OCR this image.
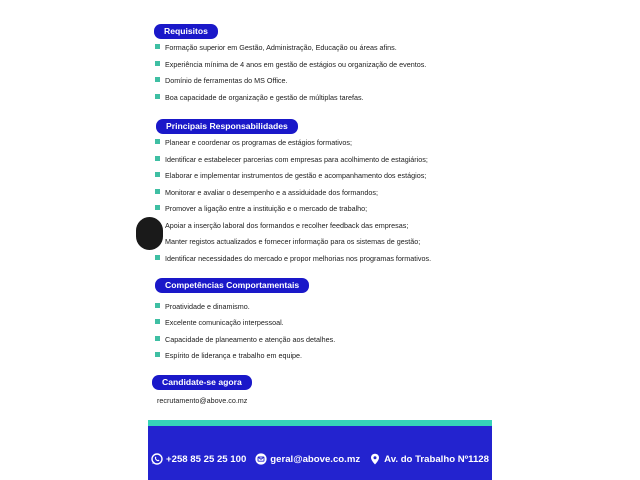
Requisitos
Formação superior em Gestão, Administração, Educação ou áreas afins.
Experiência mínima de 4 anos em gestão de estágios ou organização de eventos.
Domínio de ferramentas do MS Office.
Boa capacidade de organização e gestão de múltiplas tarefas.
Principais Responsabilidades
Planear e coordenar os programas de estágios formativos;
Identificar e estabelecer parcerias com empresas para acolhimento de estagiários;
Elaborar e implementar instrumentos de gestão e acompanhamento dos estágios;
Monitorar e avaliar o desempenho e a assiduidade dos formandos;
Promover a ligação entre a instituição e o mercado de trabalho;
Apoiar a inserção laboral dos formandos e recolher feedback das empresas;
Manter registos actualizados e fornecer informação para os sistemas de gestão;
Identificar necessidades do mercado e propor melhorias nos programas formativos.
Competências Comportamentais
Proatividade e dinamismo.
Excelente comunicação interpessoal.
Capacidade de planeamento e atenção aos detalhes.
Espírito de liderança e trabalho em equipe.
Candidate-se agora
recrutamento@above.co.mz
+258 85 25 25 100	geral@above.co.mz	Av. do Trabalho Nº1128
